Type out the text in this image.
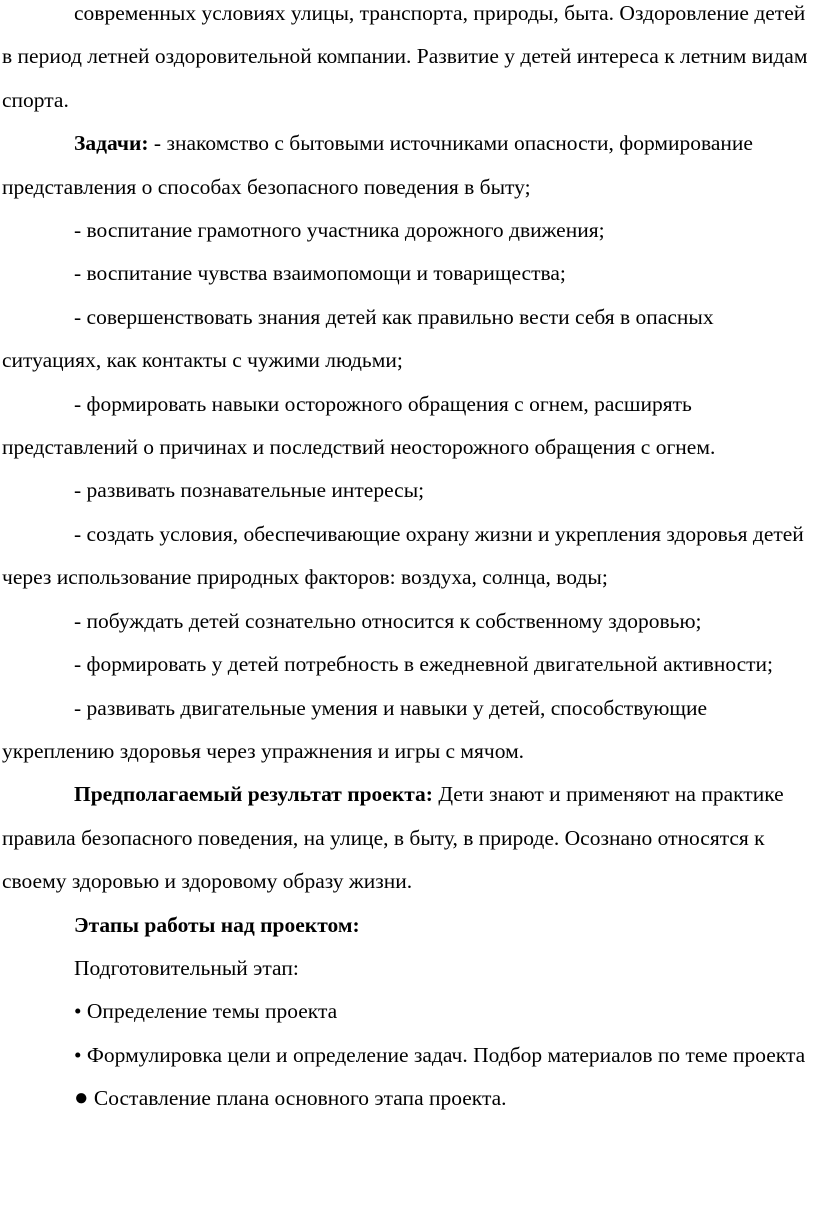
современных условиях улицы, транспорта, природы, быта. Оздоровление детей в период летней оздоровительной компании. Развитие у детей интереса к летним видам спорта.

Задачи: - знакомство с бытовыми источниками опасности, формирование представления о способах безопасного поведения в быту;

- воспитание грамотного участника дорожного движения;

- воспитание чувства взаимопомощи и товарищества;

- совершенствовать знания детей как правильно вести себя в опасных ситуациях, как контакты с чужими людьми;

- формировать навыки осторожного обращения с огнем, расширять представлений о причинах и последствий неосторожного обращения с огнем.

- развивать познавательные интересы;

- создать условия, обеспечивающие охрану жизни и укрепления здоровья детей через использование природных факторов: воздуха, солнца, воды;

- побуждать детей сознательно относится к собственному здоровью;

- формировать у детей потребность в ежедневной двигательной активности;

- развивать двигательные умения и навыки у детей, способствующие укреплению здоровья через упражнения и игры с мячом.

Предполагаемый результат проекта: Дети знают и применяют на практике правила безопасного поведения, на улице, в быту, в природе. Осознано относятся к своему здоровью и здоровому образу жизни.

Этапы работы над проектом:

Подготовительный этап:

• Определение темы проекта

• Формулировка цели и определение задач. Подбор материалов по теме проекта

● Составление плана основного этапа проекта.
